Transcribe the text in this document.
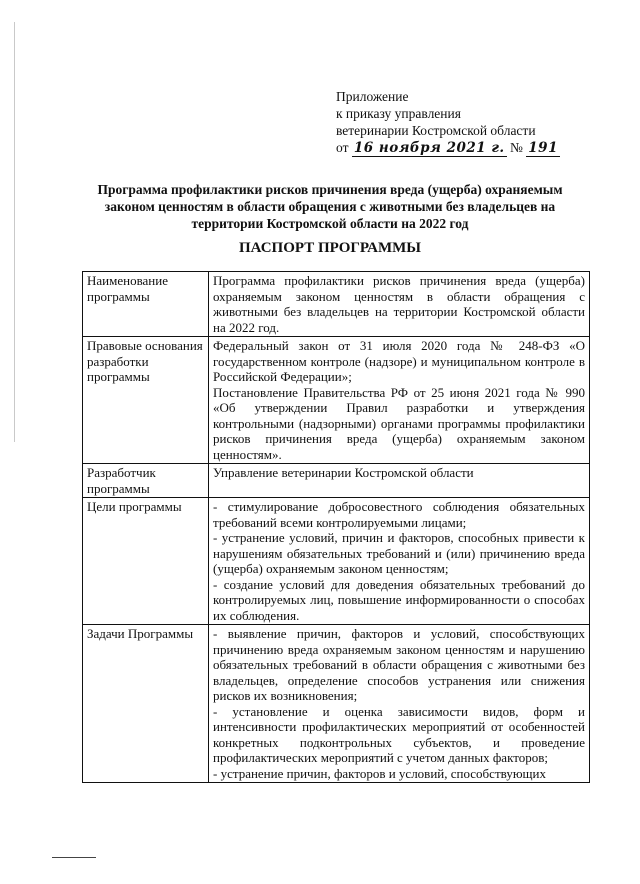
Приложение
к приказу управления
ветеринарии Костромской области
от 16 ноября 2021 г. № 191
Программа профилактики рисков причинения вреда (ущерба) охраняемым законом ценностям в области обращения с животными без владельцев на территории Костромской области на 2022 год
ПАСПОРТ ПРОГРАММЫ
Наименование программы	Программа профилактики рисков причинения вреда (ущерба) охраняемым законом ценностям в области обращения с животными без владельцев на территории Костромской области на 2022 год.

Правовые основания разработки программы	Федеральный закон от 31 июля 2020 года № 248-ФЗ «О государственном контроле (надзоре) и муниципальном контроле в Российской Федерации»;

Постановление Правительства РФ от 25 июня 2021 года № 990 «Об утверждении Правил разработки и утверждения контрольными (надзорными) органами программы профилактики рисков причинения вреда (ущерба) охраняемым законом ценностям».

Разработчик программы	Управление ветеринарии Костромской области

Цели программы	- стимулирование добросовестного соблюдения обязательных требований всеми контролируемыми лицами;

- устранение условий, причин и факторов, способных привести к нарушениям обязательных требований и (или) причинению вреда (ущерба) охраняемым законом ценностям;

- создание условий для доведения обязательных требований до контролируемых лиц, повышение информированности о способах их соблюдения.

Задачи Программы	- выявление причин, факторов и условий, способствующих причинению вреда охраняемым законом ценностям и нарушению обязательных требований в области обращения с животными без владельцев, определение способов устранения или снижения рисков их возникновения;

- установление и оценка зависимости видов, форм и интенсивности профилактических мероприятий от особенностей конкретных подконтрольных субъектов, и проведение профилактических мероприятий с учетом данных факторов;

- устранение причин, факторов и условий, способствующих
